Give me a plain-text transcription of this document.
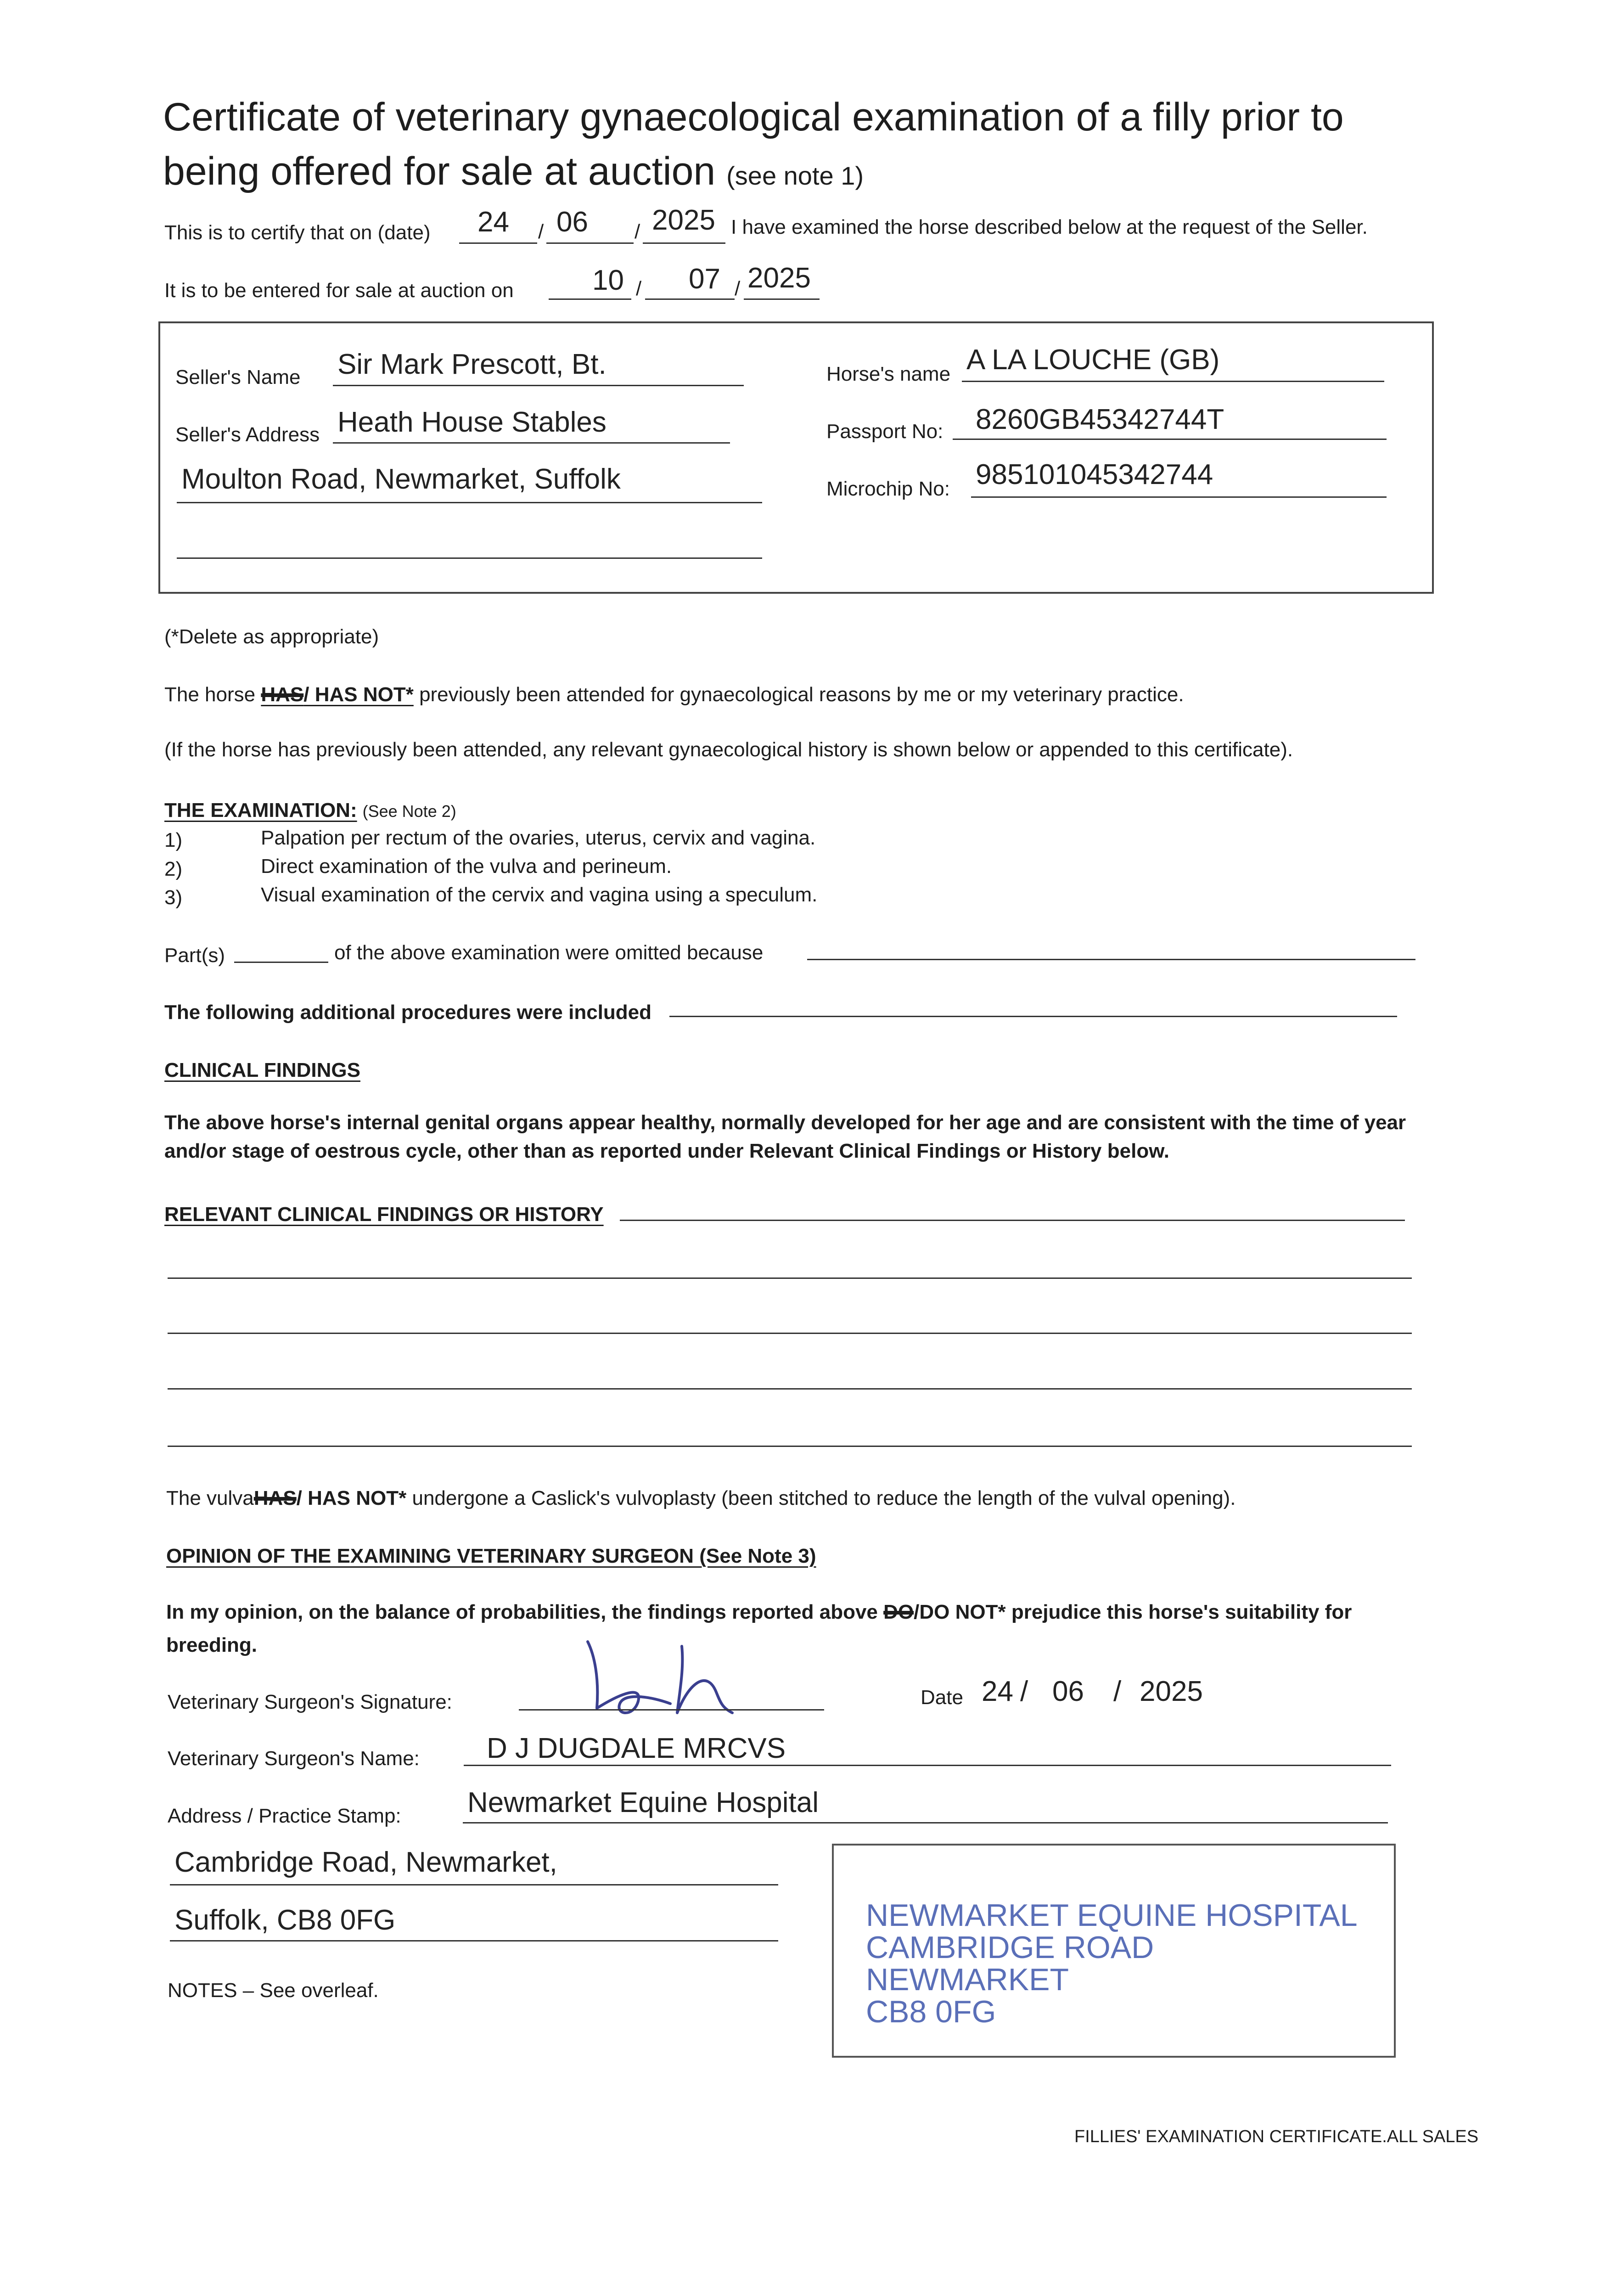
Certificate of veterinary gynaecological examination of a filly prior to
being offered for sale at auction (see note 1)
This is to certify that on (date) 24 / 06 / 2025 I have examined the horse described below at the request of the Seller.
It is to be entered for sale at auction on	10 / 07 / 2025
Seller's Name Sir Mark Prescott, Bt.
Seller's Address Heath House Stables
Moulton Road, Newmarket, Suffolk
Horse's name A LA LOUCHE (GB)
Passport No: 8260GB45342744T
Microchip No: 985101045342744
(*Delete as appropriate)
The horse HAS/ HAS NOT* previously been attended for gynaecological reasons by me or my veterinary practice.
(If the horse has previously been attended, any relevant gynaecological history is shown below or appended to this certificate).
THE EXAMINATION: (See Note 2)
1)	Palpation per rectum of the ovaries, uterus, cervix and vagina.
2)	Direct examination of the vulva and perineum.
3)	Visual examination of the cervix and vagina using a speculum.
Part(s)	of the above examination were omitted because
The following additional procedures were included
CLINICAL FINDINGS
The above horse's internal genital organs appear healthy, normally developed for her age and are consistent with the time of year
and/or stage of oestrous cycle, other than as reported under Relevant Clinical Findings or History below.
RELEVANT CLINICAL FINDINGS OR HISTORY
The vulvaHAS/ HAS NOT* undergone a Caslick's vulvoplasty (been stitched to reduce the length of the vulval opening).
OPINION OF THE EXAMINING VETERINARY SURGEON (See Note 3)
In my opinion, on the balance of probabilities, the findings reported above DO/DO NOT* prejudice this horse's suitability for
breeding.
Veterinary Surgeon's Signature:	Date 24 / 06 / 2025
Veterinary Surgeon's Name: D J DUGDALE MRCVS
Address / Practice Stamp: Newmarket Equine Hospital
Cambridge Road, Newmarket,
Suffolk, CB8 0FG	NEWMARKET EQUINE HOSPITAL
CAMBRIDGE ROAD
NEWMARKET
CB8 0FG
NOTES – See overleaf.
FILLIES' EXAMINATION CERTIFICATE.ALL SALES
